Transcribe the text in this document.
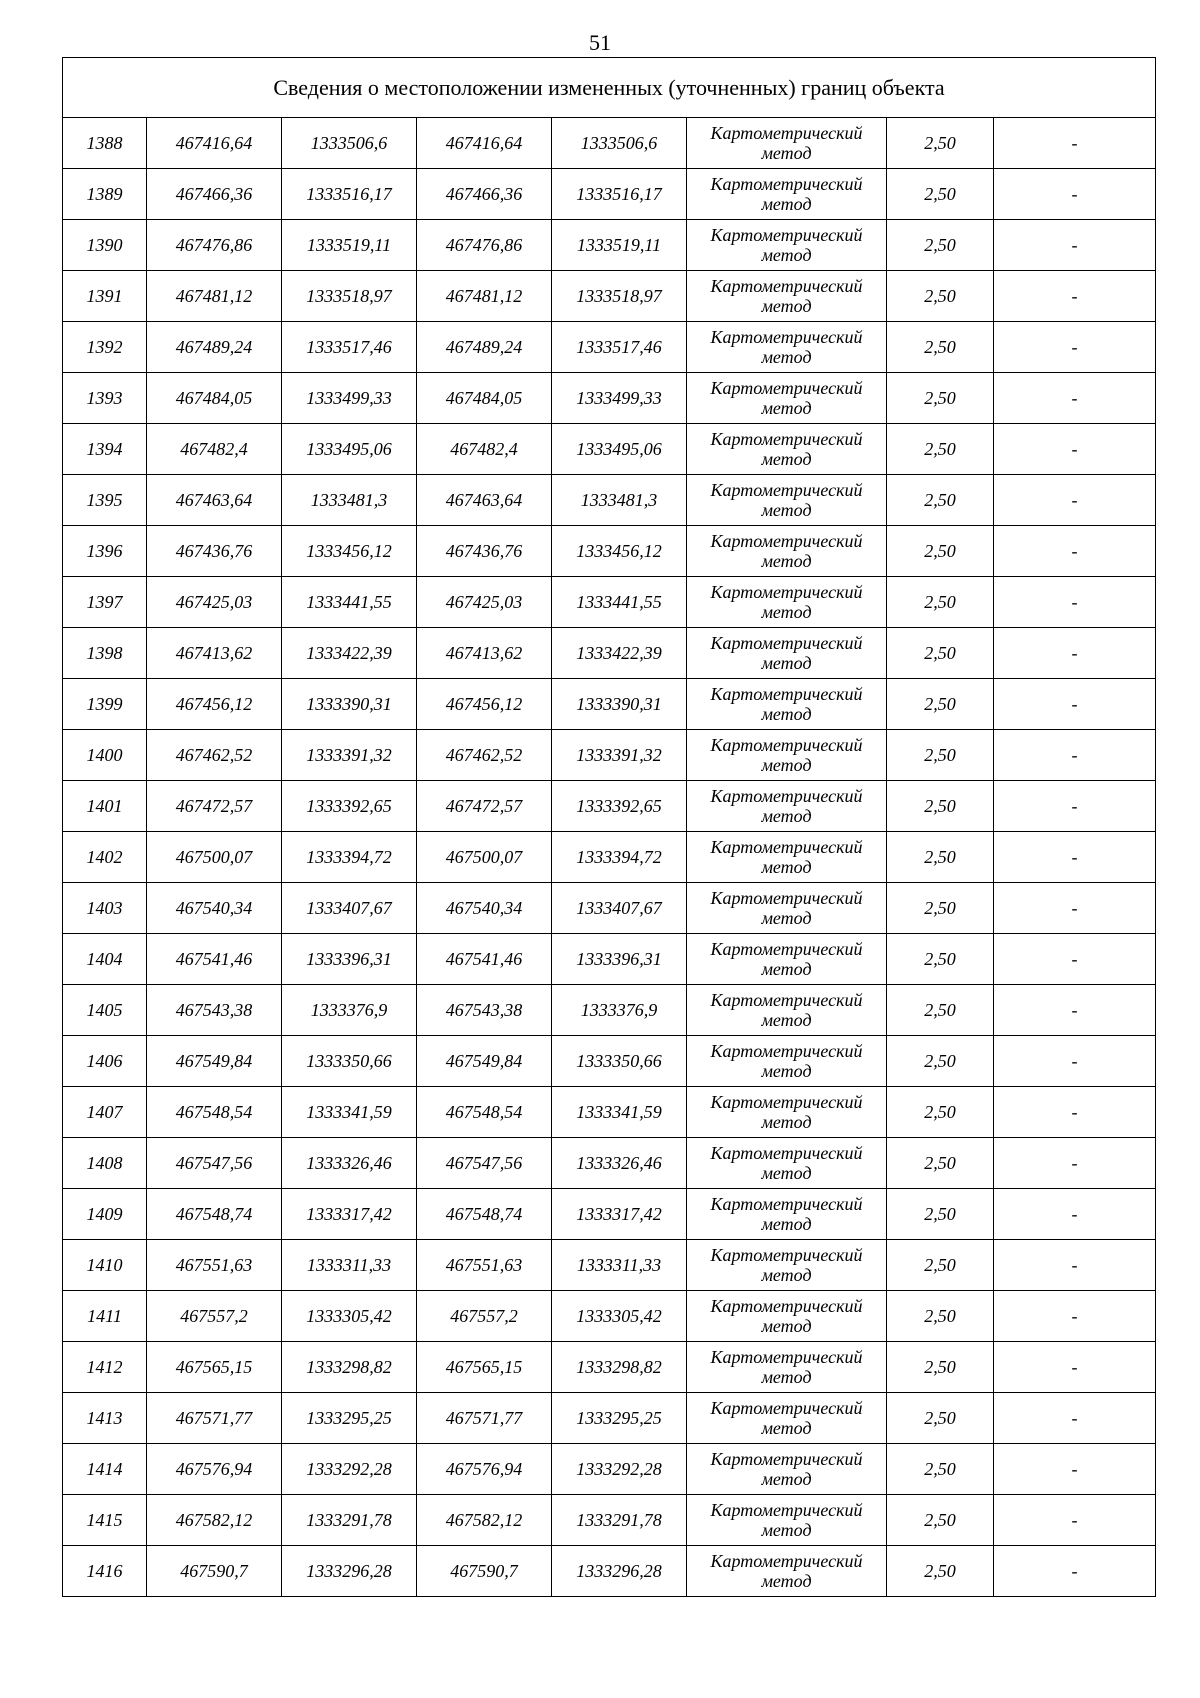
51
Сведения о местоположении измененных (уточненных) границ объекта							
1388	467416,64	1333506,6	467416,64	1333506,6	Картометрический метод	2,50	-
1389	467466,36	1333516,17	467466,36	1333516,17	Картометрический метод	2,50	-
1390	467476,86	1333519,11	467476,86	1333519,11	Картометрический метод	2,50	-
1391	467481,12	1333518,97	467481,12	1333518,97	Картометрический метод	2,50	-
1392	467489,24	1333517,46	467489,24	1333517,46	Картометрический метод	2,50	-
1393	467484,05	1333499,33	467484,05	1333499,33	Картометрический метод	2,50	-
1394	467482,4	1333495,06	467482,4	1333495,06	Картометрический метод	2,50	-
1395	467463,64	1333481,3	467463,64	1333481,3	Картометрический метод	2,50	-
1396	467436,76	1333456,12	467436,76	1333456,12	Картометрический метод	2,50	-
1397	467425,03	1333441,55	467425,03	1333441,55	Картометрический метод	2,50	-
1398	467413,62	1333422,39	467413,62	1333422,39	Картометрический метод	2,50	-
1399	467456,12	1333390,31	467456,12	1333390,31	Картометрический метод	2,50	-
1400	467462,52	1333391,32	467462,52	1333391,32	Картометрический метод	2,50	-
1401	467472,57	1333392,65	467472,57	1333392,65	Картометрический метод	2,50	-
1402	467500,07	1333394,72	467500,07	1333394,72	Картометрический метод	2,50	-
1403	467540,34	1333407,67	467540,34	1333407,67	Картометрический метод	2,50	-
1404	467541,46	1333396,31	467541,46	1333396,31	Картометрический метод	2,50	-
1405	467543,38	1333376,9	467543,38	1333376,9	Картометрический метод	2,50	-
1406	467549,84	1333350,66	467549,84	1333350,66	Картометрический метод	2,50	-
1407	467548,54	1333341,59	467548,54	1333341,59	Картометрический метод	2,50	-
1408	467547,56	1333326,46	467547,56	1333326,46	Картометрический метод	2,50	-
1409	467548,74	1333317,42	467548,74	1333317,42	Картометрический метод	2,50	-
1410	467551,63	1333311,33	467551,63	1333311,33	Картометрический метод	2,50	-
1411	467557,2	1333305,42	467557,2	1333305,42	Картометрический метод	2,50	-
1412	467565,15	1333298,82	467565,15	1333298,82	Картометрический метод	2,50	-
1413	467571,77	1333295,25	467571,77	1333295,25	Картометрический метод	2,50	-
1414	467576,94	1333292,28	467576,94	1333292,28	Картометрический метод	2,50	-
1415	467582,12	1333291,78	467582,12	1333291,78	Картометрический метод	2,50	-
1416	467590,7	1333296,28	467590,7	1333296,28	Картометрический метод	2,50	-
